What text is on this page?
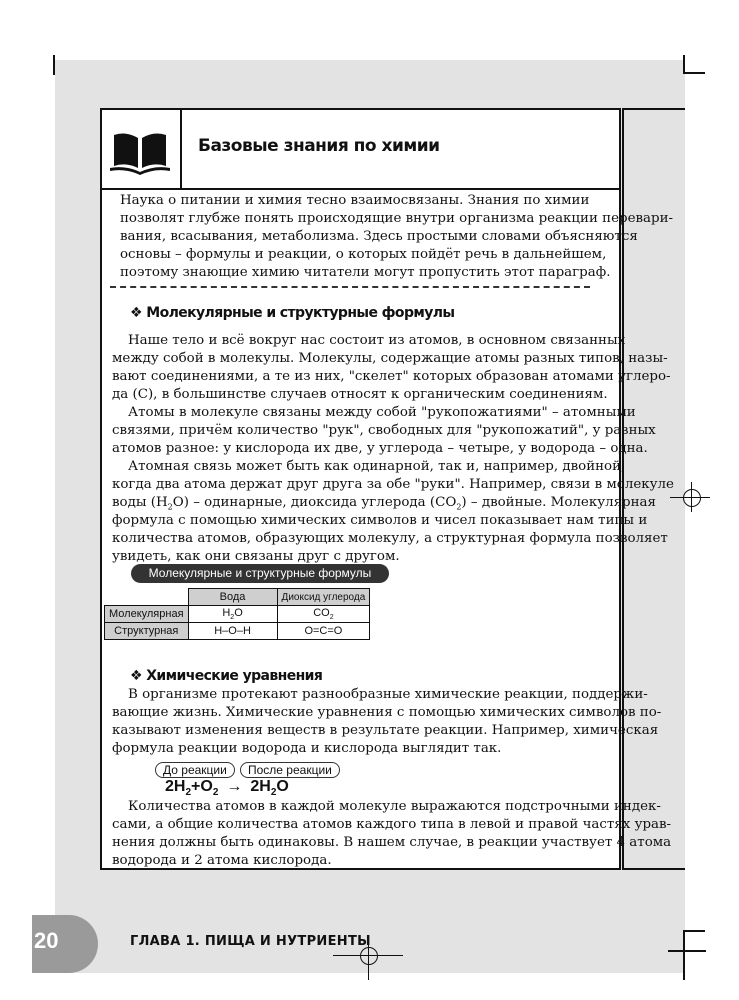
Базовые знания по химии
Наука о питании и химия тесно взаимосвязаны. Знания по химии
позволят глубже понять происходящие внутри организма реакции перевари-
вания, всасывания, метаболизма. Здесь простыми словами объясняются
основы – формулы и реакции, о которых пойдёт речь в дальнейшем,
поэтому знающие химию читатели могут пропустить этот параграф.
❖ Молекулярные и структурные формулы
Наше тело и всё вокруг нас состоит из атомов, в основном связанных
между собой в молекулы. Молекулы, содержащие атомы разных типов, назы-
вают соединениями, а те из них, "скелет" которых образован атомами углеро-
да (C), в большинстве случаев относят к органическим соединениям.
Атомы в молекуле связаны между собой "рукопожатиями" – атомными
связями, причём количество "рук", свободных для "рукопожатий", у разных
атомов разное: у кислорода их две, у углерода – четыре, у водорода – одна.
Атомная связь может быть как одинарной, так и, например, двойной,
когда два атома держат друг друга за обе "руки". Например, связи в молекуле
воды $(H_2O)$ – одинарные, диоксида углерода $(CO_2)$ – двойные. Молекулярная
формула с помощью химических символов и чисел показывает нам типы и
количества атомов, образующих молекулу, а структурная формула позволяет
увидеть, как они связаны друг с другом.
Молекулярные и структурные формулы
	Вода	Диоксид углерода
Молекулярная	$H_2O$	$CO_2$
Структурная	H–O–H	O=C=O
❖ Химические уравнения
В организме протекают разнообразные химические реакции, поддержи-
вающие жизнь. Химические уравнения с помощью химических символов по-
казывают изменения веществ в результате реакции. Например, химическая
формула реакции водорода и кислорода выглядит так.
До реакции	После реакции
$2H_2+O_2 \to 2H_2O$
Количества атомов в каждой молекуле выражаются подстрочными индек-
сами, а общие количества атомов каждого типа в левой и правой частях урав-
нения должны быть одинаковы. В нашем случае, в реакции участвует 4 атома
водорода и 2 атома кислорода.
20	ГЛАВА 1. ПИЩА И НУТРИЕНТЫ
